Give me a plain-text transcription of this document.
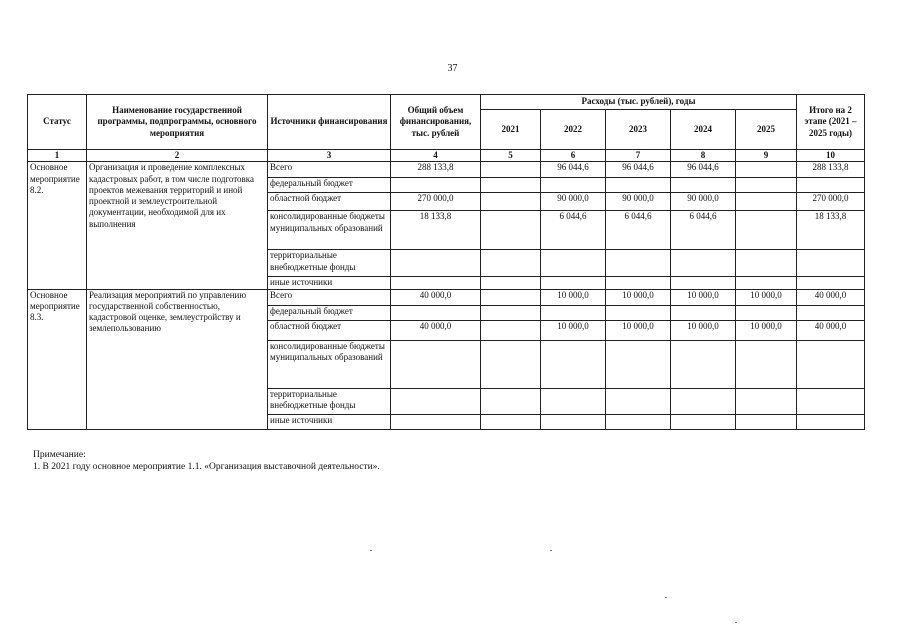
37
Статус	Наименование государственной программы, подпрограммы, основного мероприятия	Источники финансирования	Общий объем финансирования, тыс. рублей	Расходы (тыс. рублей), годы					Итого на 2 этапе (2021 – 2025 годы)
				2021	2022	2023	2024	2025	
1	2	3	4	5	6	7	8	9	10
Основное мероприятие 8.2.	Организация и проведение комплексных кадастровых работ, в том числе подготовка проектов межевания территорий и иной проектной и землеустроительной документации, необходимой для их выполнения	Всего	288 133,8		96 044,6	96 044,6	96 044,6		288 133,8
		федеральный бюджет							
		областной бюджет	270 000,0		90 000,0	90 000,0	90 000,0		270 000,0
		консолидированные бюджеты муниципальных образований	18 133,8		6 044,6	6 044,6	6 044,6		18 133,8
		территориальные внебюджетные фонды							
		иные источники							
Основное мероприятие 8.3.	Реализация мероприятий по управлению государственной собственностью, кадастровой оценке, землеустройству и землепользованию	Всего	40 000,0		10 000,0	10 000,0	10 000,0	10 000,0	40 000,0
		федеральный бюджет							
		областной бюджет	40 000,0		10 000,0	10 000,0	10 000,0	10 000,0	40 000,0
		консолидированные бюджеты муниципальных образований							
		территориальные внебюджетные фонды							
		иные источники							
Примечание:
1. В 2021 году основное мероприятие 1.1. «Организация выставочной деятельности».
